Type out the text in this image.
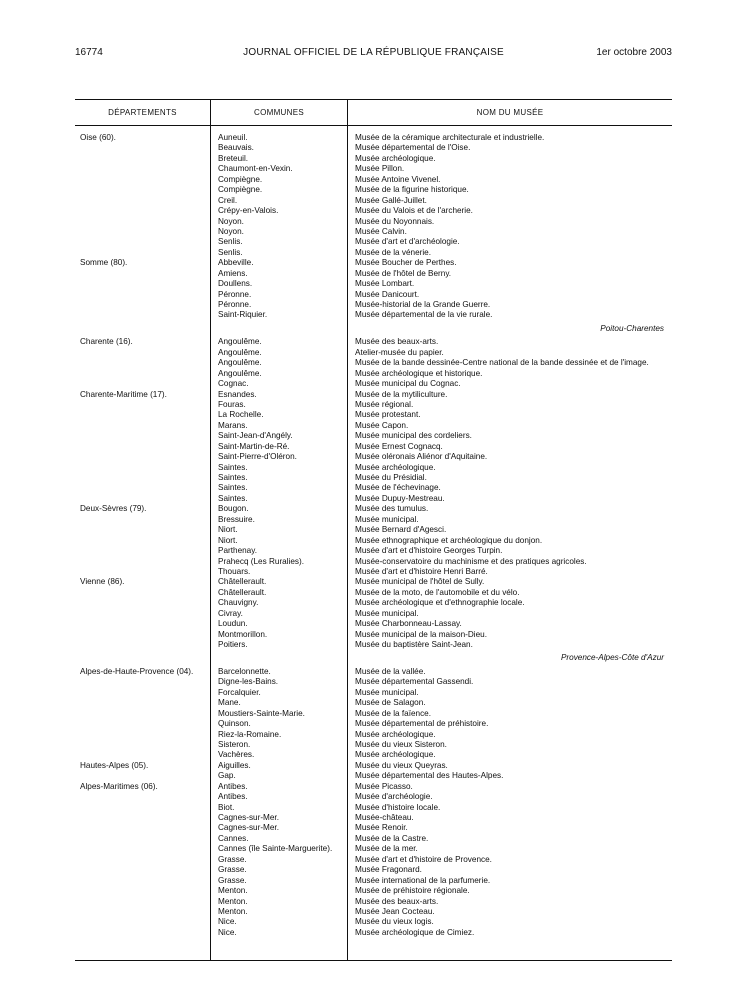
16774	JOURNAL OFFICIEL DE LA RÉPUBLIQUE FRANÇAISE	1er octobre 2003
DÉPARTEMENTS	COMMUNES	NOM DU MUSÉE
Oise (60).	Auneuil.	Musée de la céramique architecturale et industrielle.
Beauvais.	Musée départemental de l'Oise.
Breteuil.	Musée archéologique.
Chaumont-en-Vexin.	Musée Pillon.
Compiègne.	Musée Antoine Vivenel.
Compiègne.	Musée de la figurine historique.
Creil.	Musée Gallé-Juillet.
Crépy-en-Valois.	Musée du Valois et de l'archerie.
Noyon.	Musée du Noyonnais.
Noyon.	Musée Calvin.
Senlis.	Musée d'art et d'archéologie.
Senlis.	Musée de la vénerie.
Somme (80).	Abbeville.	Musée Boucher de Perthes.
Amiens.	Musée de l'hôtel de Berny.
Doullens.	Musée Lombart.
Péronne.	Musée Danicourt.
Péronne.	Musée-historial de la Grande Guerre.
Saint-Riquier.	Musée départemental de la vie rurale.
Poitou-Charentes
Charente (16).	Angoulême.	Musée des beaux-arts.
Angoulême.	Atelier-musée du papier.
Angoulême.	Musée de la bande dessinée-Centre national de la bande dessinée et de l'image.
Angoulême.	Musée archéologique et historique.
Cognac.	Musée municipal du Cognac.
Charente-Maritime (17).	Esnandes.	Musée de la mytiliculture.
Fouras.	Musée régional.
La Rochelle.	Musée protestant.
Marans.	Musée Capon.
Saint-Jean-d'Angély.	Musée municipal des cordeliers.
Saint-Martin-de-Ré.	Musée Ernest Cognacq.
Saint-Pierre-d'Oléron.	Musée oléronais Aliénor d'Aquitaine.
Saintes.	Musée archéologique.
Saintes.	Musée du Présidial.
Saintes.	Musée de l'échevinage.
Saintes.	Musée Dupuy-Mestreau.
Deux-Sèvres (79).	Bougon.	Musée des tumulus.
Bressuire.	Musée municipal.
Niort.	Musée Bernard d'Agesci.
Niort.	Musée ethnographique et archéologique du donjon.
Parthenay.	Musée d'art et d'histoire Georges Turpin.
Prahecq (Les Ruralies).	Musée-conservatoire du machinisme et des pratiques agricoles.
Thouars.	Musée d'art et d'histoire Henri Barré.
Vienne (86).	Châtellerault.	Musée municipal de l'hôtel de Sully.
Châtellerault.	Musée de la moto, de l'automobile et du vélo.
Chauvigny.	Musée archéologique et d'ethnographie locale.
Civray.	Musée municipal.
Loudun.	Musée Charbonneau-Lassay.
Montmorillon.	Musée municipal de la maison-Dieu.
Poitiers.	Musée du baptistère Saint-Jean.
Provence-Alpes-Côte d'Azur
Alpes-de-Haute-Provence (04).	Barcelonnette.	Musée de la vallée.
Digne-les-Bains.	Musée départemental Gassendi.
Forcalquier.	Musée municipal.
Mane.	Musée de Salagon.
Moustiers-Sainte-Marie.	Musée de la faïence.
Quinson.	Musée départemental de préhistoire.
Riez-la-Romaine.	Musée archéologique.
Sisteron.	Musée du vieux Sisteron.
Vachères.	Musée archéologique.
Hautes-Alpes (05).	Aiguilles.	Musée du vieux Queyras.
Gap.	Musée départemental des Hautes-Alpes.
Alpes-Maritimes (06).	Antibes.	Musée Picasso.
Antibes.	Musée d'archéologie.
Biot.	Musée d'histoire locale.
Cagnes-sur-Mer.	Musée-château.
Cagnes-sur-Mer.	Musée Renoir.
Cannes.	Musée de la Castre.
Cannes (île Sainte-Marguerite).	Musée de la mer.
Grasse.	Musée d'art et d'histoire de Provence.
Grasse.	Musée Fragonard.
Grasse.	Musée international de la parfumerie.
Menton.	Musée de préhistoire régionale.
Menton.	Musée des beaux-arts.
Menton.	Musée Jean Cocteau.
Nice.	Musée du vieux logis.
Nice.	Musée archéologique de Cimiez.
